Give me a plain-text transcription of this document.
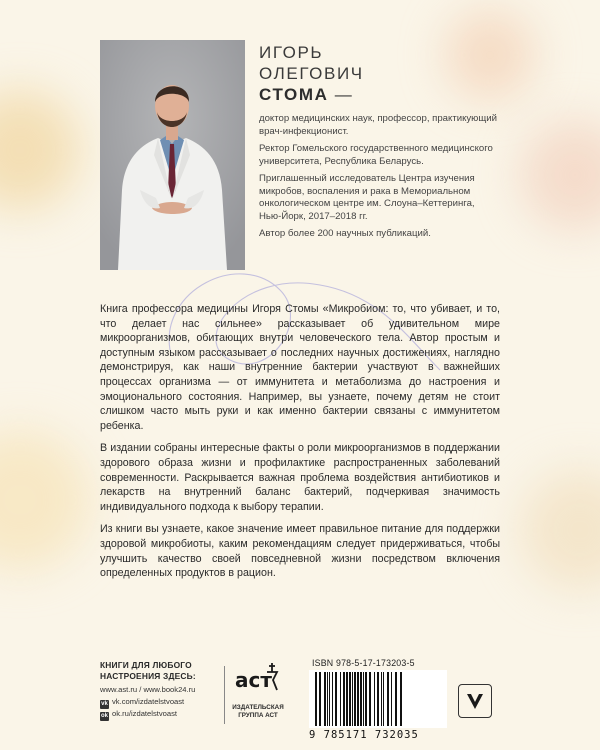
ИГОРЬ
ОЛЕГОВИЧ
СТОМА —

доктор медицинских наук, профессор, практикующий врач-инфекционист.

Ректор Гомельского государственного медицинского университета, Республика Беларусь.

Приглашенный исследователь Центра изучения микробов, воспаления и рака в Мемориальном онкологическом центре им. Слоуна–Кеттеринга, Нью-Йорк, 2017–2018 гг.

Автор более 200 научных публикаций.

Книга профессора медицины Игоря Стомы «Микробиом: то, что убивает, и то, что делает нас сильнее» рассказывает об удивительном мире микроорганизмов, обитающих внутри человеческого тела. Автор простым и доступным языком рассказывает о последних научных достижениях, наглядно демонстрируя, как наши внутренние бактерии участвуют в важнейших процессах организма — от иммунитета и метаболизма до настроения и эмоционального состояния. Например, вы узнаете, почему детям не стоит слишком часто мыть руки и как именно бактерии связаны с иммунитетом ребенка.

В издании собраны интересные факты о роли микроорганизмов в поддержании здорового образа жизни и профилактике распространенных заболеваний современности. Раскрывается важная проблема воздействия антибиотиков и лекарств на внутренний баланс бактерий, подчеркивая значимость индивидуального подхода к выбору терапии.

Из книги вы узнаете, какое значение имеет правильное питание для поддержки здоровой микробиоты, каким рекомендациям следует придерживаться, чтобы улучшить качество своей повседневной жизни посредством включения определенных продуктов в рацион.

КНИГИ ДЛЯ ЛЮБОГО НАСТРОЕНИЯ ЗДЕСЬ:
www.ast.ru / www.book24.ru
vk vk.com/izdatelstvoast
ok ok.ru/izdatelstvoast
аст
ИЗДАТЕЛЬСКАЯ ГРУППА АСТ
ISBN 978-5-17-173203-5
9 785171 732035
